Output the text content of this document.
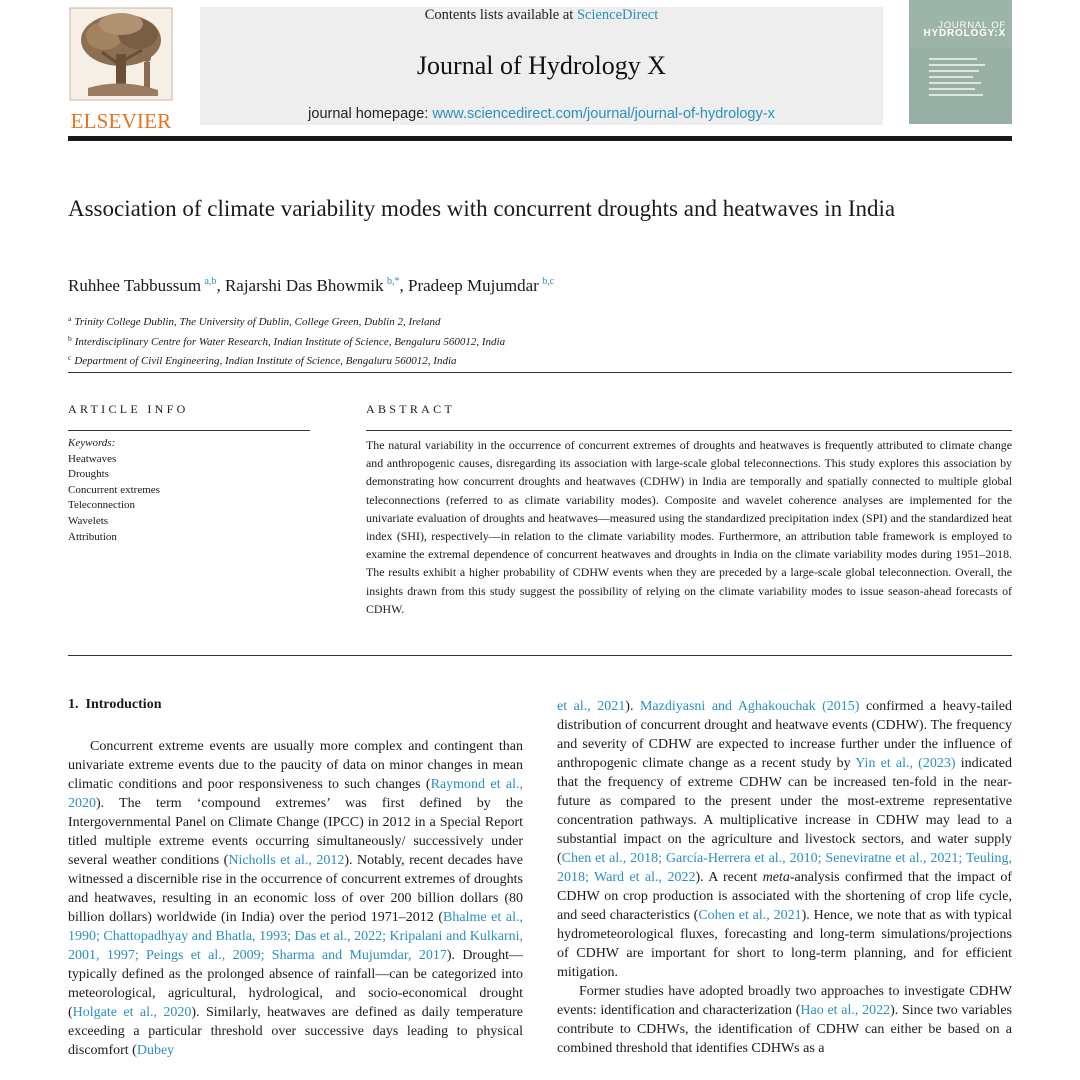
ELSEVIER
Contents lists available at ScienceDirect
Journal of Hydrology X
journal homepage: www.sciencedirect.com/journal/journal-of-hydrology-x
JOURNAL OF
HYDROLOGY:X
Association of climate variability modes with concurrent droughts and heatwaves in India
Ruhhee Tabbussum  $^{a,b}$, Rajarshi Das Bhowmik  $^{b,*}$, Pradeep Mujumdar  $^{b,c}$
$^a$ Trinity College Dublin, The University of Dublin, College Green, Dublin 2, Ireland
$^b$ Interdisciplinary Centre for Water Research, Indian Institute of Science, Bengaluru 560012, India
$^c$ Department of Civil Engineering, Indian Institute of Science, Bengaluru 560012, India
ARTICLE INFO	ABSTRACT
Keywords:
Heatwaves
Droughts
Concurrent extremes
Teleconnection
Wavelets
Attribution

The natural variability in the occurrence of concurrent extremes of droughts and heatwaves is frequently attributed to climate change and anthropogenic causes, disregarding its association with large-scale global teleconnections. This study explores this association by demonstrating how concurrent droughts and heatwaves (CDHW) in India are temporally and spatially connected to multiple global teleconnections (referred to as climate variability modes). Composite and wavelet coherence analyses are implemented for the univariate evaluation of droughts and heatwaves—measured using the standardized precipitation index (SPI) and the standardized heat index (SHI), respectively—in relation to the climate variability modes. Furthermore, an attribution table framework is employed to examine the extremal dependence of concurrent heatwaves and droughts in India on the climate variability modes during 1951–2018. The results exhibit a higher probability of CDHW events when they are preceded by a large-scale global teleconnection. Overall, the insights drawn from this study suggest the possibility of relying on the climate variability modes to issue season-ahead forecasts of CDHW.

1. Introduction

Concurrent extreme events are usually more complex and contingent than univariate extreme events due to the paucity of data on minor changes in mean climatic conditions and poor responsiveness to such changes (Raymond et al., 2020). The term ‘compound extremes’ was first defined by the Intergovernmental Panel on Climate Change (IPCC) in 2012 in a Special Report titled multiple extreme events occurring simultaneously/ successively under several weather conditions (Nicholls et al., 2012). Notably, recent decades have witnessed a discernible rise in the occurrence of concurrent extremes of droughts and heatwaves, resulting in an economic loss of over 200 billion dollars (80 billion dollars) worldwide (in India) over the period 1971–2012 (Bhalme et al., 1990; Chattopadhyay and Bhatla, 1993; Das et al., 2022; Kripalani and Kulkarni, 2001, 1997; Peings et al., 2009; Sharma and Mujumdar, 2017). Drought—typically defined as the prolonged absence of rainfall—can be categorized into meteorological, agricultural, hydrological, and socio-economical drought (Holgate et al., 2020). Similarly, heatwaves are defined as daily temperature exceeding a particular threshold over successive days leading to physical discomfort (Dubey

et al., 2021). Mazdiyasni and Aghakouchak (2015) confirmed a heavy-tailed distribution of concurrent drought and heatwave events (CDHW). The frequency and severity of CDHW are expected to increase further under the influence of anthropogenic climate change as a recent study by Yin et al., (2023) indicated that the frequency of extreme CDHW can be increased ten-fold in the near-future as compared to the present under the most-extreme representative concentration pathways. A multiplicative increase in CDHW may lead to a substantial impact on the agriculture and livestock sectors, and water supply (Chen et al., 2018; García-Herrera et al., 2010; Seneviratne et al., 2021; Teuling, 2018; Ward et al., 2022). A recent meta-analysis confirmed that the impact of CDHW on crop production is associated with the shortening of crop life cycle, and seed characteristics (Cohen et al., 2021). Hence, we note that as with typical hydrometeorological fluxes, forecasting and long-term simulations/projections of CDHW are important for short to long-term planning, and for efficient mitigation.

Former studies have adopted broadly two approaches to investigate CDHW events: identification and characterization (Hao et al., 2022). Since two variables contribute to CDHWs, the identification of CDHW can either be based on a combined threshold that identifies CDHWs as a
